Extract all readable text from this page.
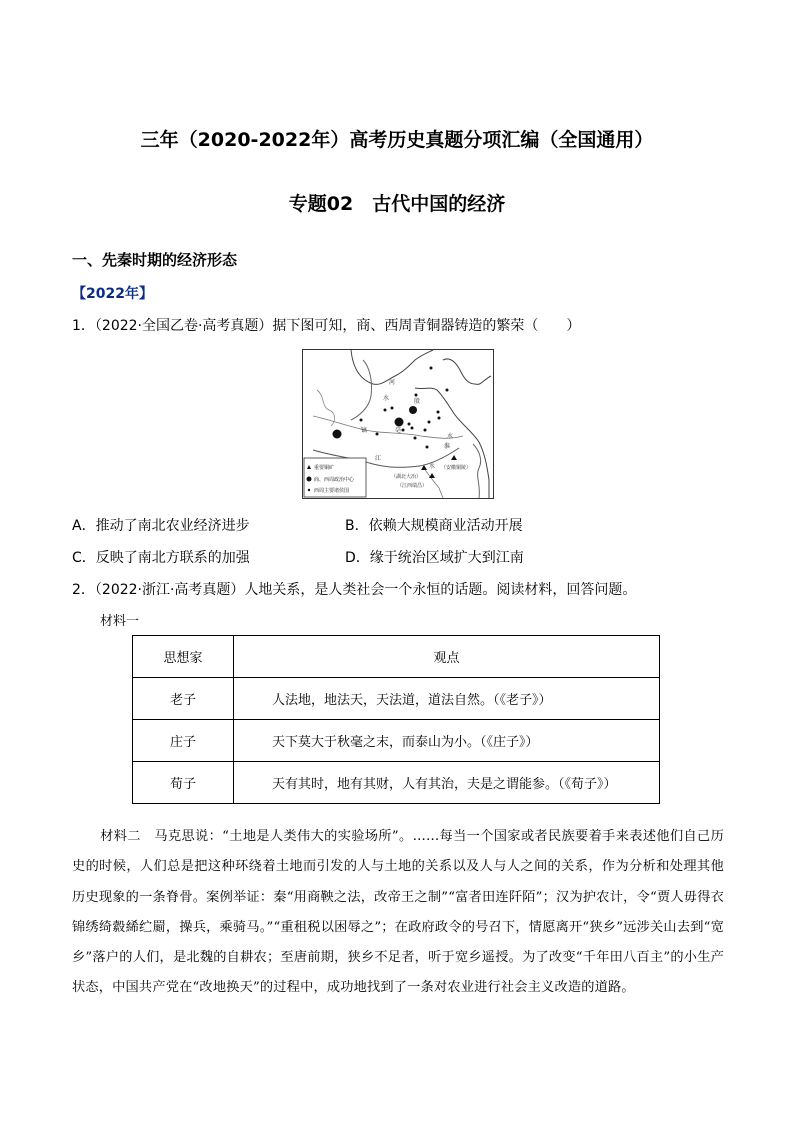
三年（2020-2022年）高考历史真题分项汇编（全国通用）
专题02　古代中国的经济
一、先秦时期的经济形态
【2022年】
1．（2022·全国乙卷·高考真题）据下图可知，商、西周青铜器铸造的繁荣（　　）
河
水	殷
镐	亳
淮
水
江
水 （安徽铜陵）
（湖北大冶）
（江西瑞昌）
重要铜矿
商、西周政治中心
西周主要诸侯国
A．推动了南北农业经济进步	B．依赖大规模商业活动开展
C．反映了南北方联系的加强	D．缘于统治区域扩大到江南
2．（2022·浙江·高考真题）人地关系，是人类社会一个永恒的话题。阅读材料，回答问题。
材料一
思想家	观点
老子	人法地，地法天，天法道，道法自然。（《老子》）
庄子	天下莫大于秋毫之末，而泰山为小。（《庄子》）
荀子	天有其时，地有其财，人有其治，夫是之谓能参。（《荀子》）
材料二　马克思说：“土地是人类伟大的实验场所”。……每当一个国家或者民族要着手来表述他们自己历史的时候，人们总是把这种环绕着土地而引发的人与土地的关系以及人与人之间的关系，作为分析和处理其他历史现象的一条脊骨。案例举证：秦“用商鞅之法，改帝王之制”“富者田连阡陌”；汉为护农计，令“贾人毋得衣锦绣绮縠絺纻罽，操兵，乘骑马。”“重租税以困辱之”；在政府政令的号召下，情愿离开“狭乡”远涉关山去到“宽乡”落户的人们，是北魏的自耕农；至唐前期，狭乡不足者，听于宽乡遥授。为了改变“千年田八百主”的小生产状态，中国共产党在“改地换天”的过程中，成功地找到了一条对农业进行社会主义改造的道路。
